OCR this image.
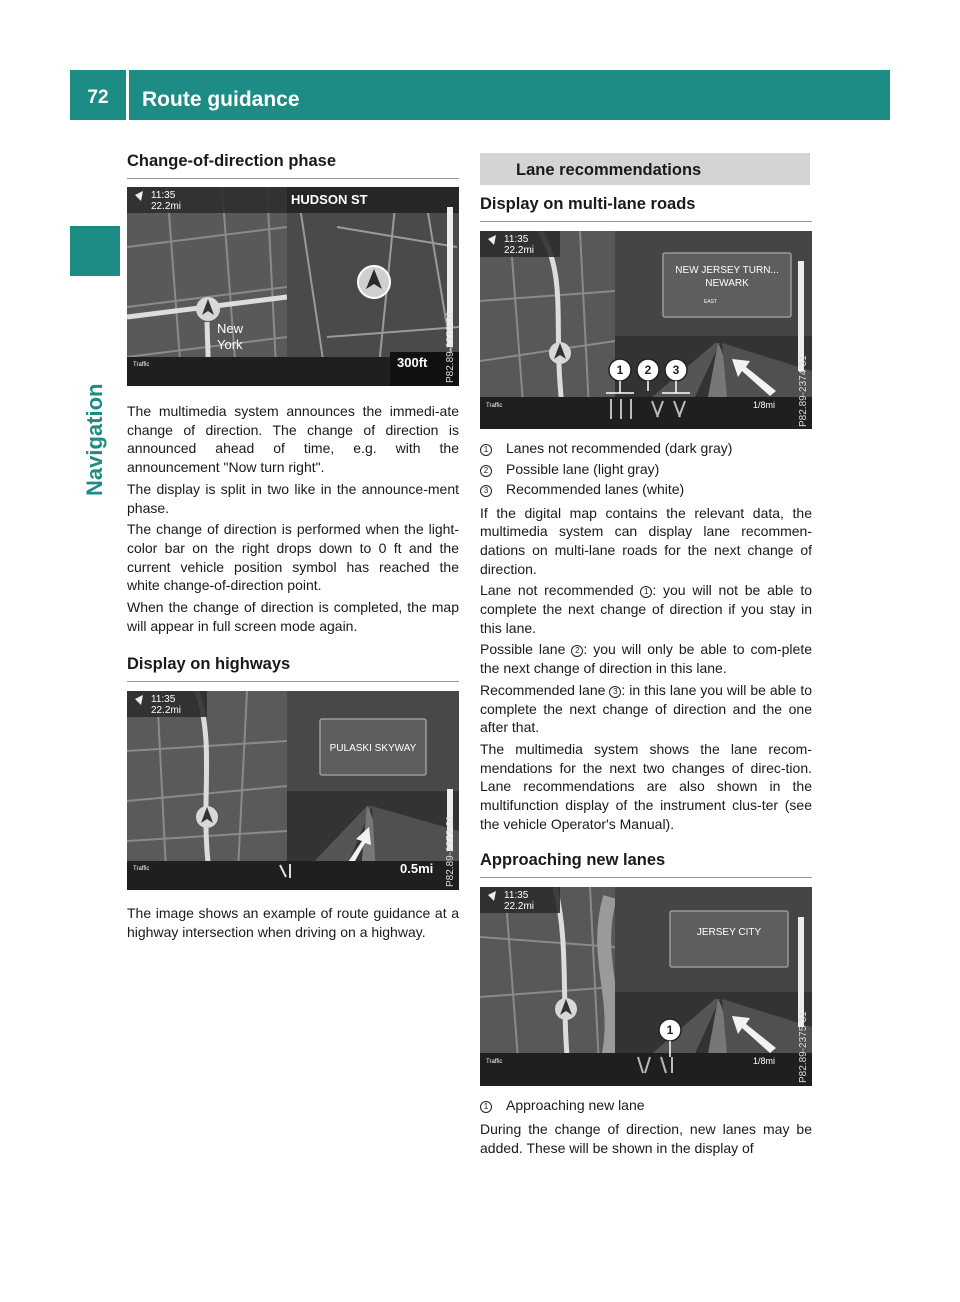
72	Route guidance
Navigation
Change-of-direction phase
11:35
22.2mi	HUDSON ST
New
York
Traffic	300ft P82.89-2370-31

The multimedia system announces the immedi-ate change of direction. The change of direction is announced ahead of time, e.g. with the announcement "Now turn right".

The display is split in two like in the announce-ment phase.

The change of direction is performed when the light-color bar on the right drops down to 0 ft and the current vehicle position symbol has reached the white change-of-direction point.

When the change of direction is completed, the map will appear in full screen mode again.

Display on highways
11:35
22.2mi
PULASKI SKYWAY
Traffic	0.5mi P82.89-2372-31

The image shows an example of route guidance at a highway intersection when driving on a highway.

Lane recommendations
Display on multi-lane roads
11:35
22.2mi
NEW JERSEY TURN...
NEWARK
EAST
1 2 3
Traffic	1/8mi P82.89-2374-31
1	Lanes not recommended (dark gray)
2	Possible lane (light gray)
3	Recommended lanes (white)

If the digital map contains the relevant data, the multimedia system can display lane recommen-dations on multi-lane roads for the next change of direction.

Lane not recommended 1 : you will not be able to complete the next change of direction if you stay in this lane.

Possible lane 2 : you will only be able to com-plete the next change of direction in this lane.

Recommended lane 3 : in this lane you will be able to complete the next change of direction and the one after that.

The multimedia system shows the lane recom-mendations for the next two changes of direc-tion. Lane recommendations are also shown in the multifunction display of the instrument clus-ter (see the vehicle Operator's Manual).

Approaching new lanes
11:35
22.2mi
JERSEY CITY
1
Traffic	1/8mi P82.89-2375-31
1	Approaching new lane

During the change of direction, new lanes may be added. These will be shown in the display of
